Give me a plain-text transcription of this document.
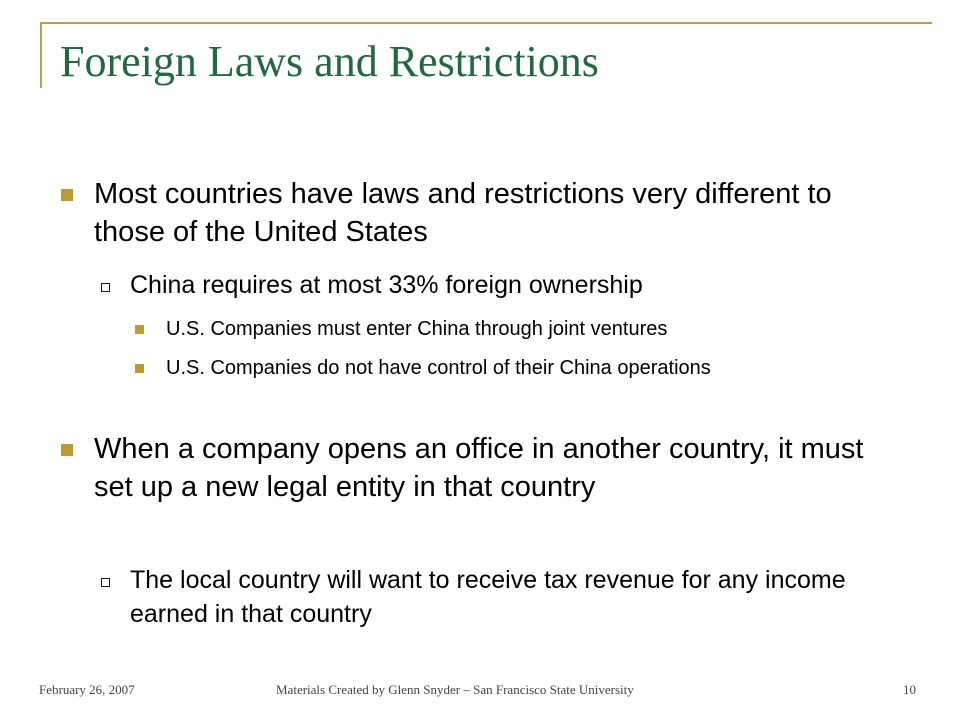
Foreign Laws and Restrictions
Most countries have laws and restrictions very different to those of the United States
China requires at most 33% foreign ownership
U.S. Companies must enter China through joint ventures
U.S. Companies do not have control of their China operations
When a company opens an office in another country, it must set up a new legal entity in that country
The local country will want to receive tax revenue for any income earned in that country
February 26, 2007	Materials Created by Glenn Snyder – San Francisco State University	10
